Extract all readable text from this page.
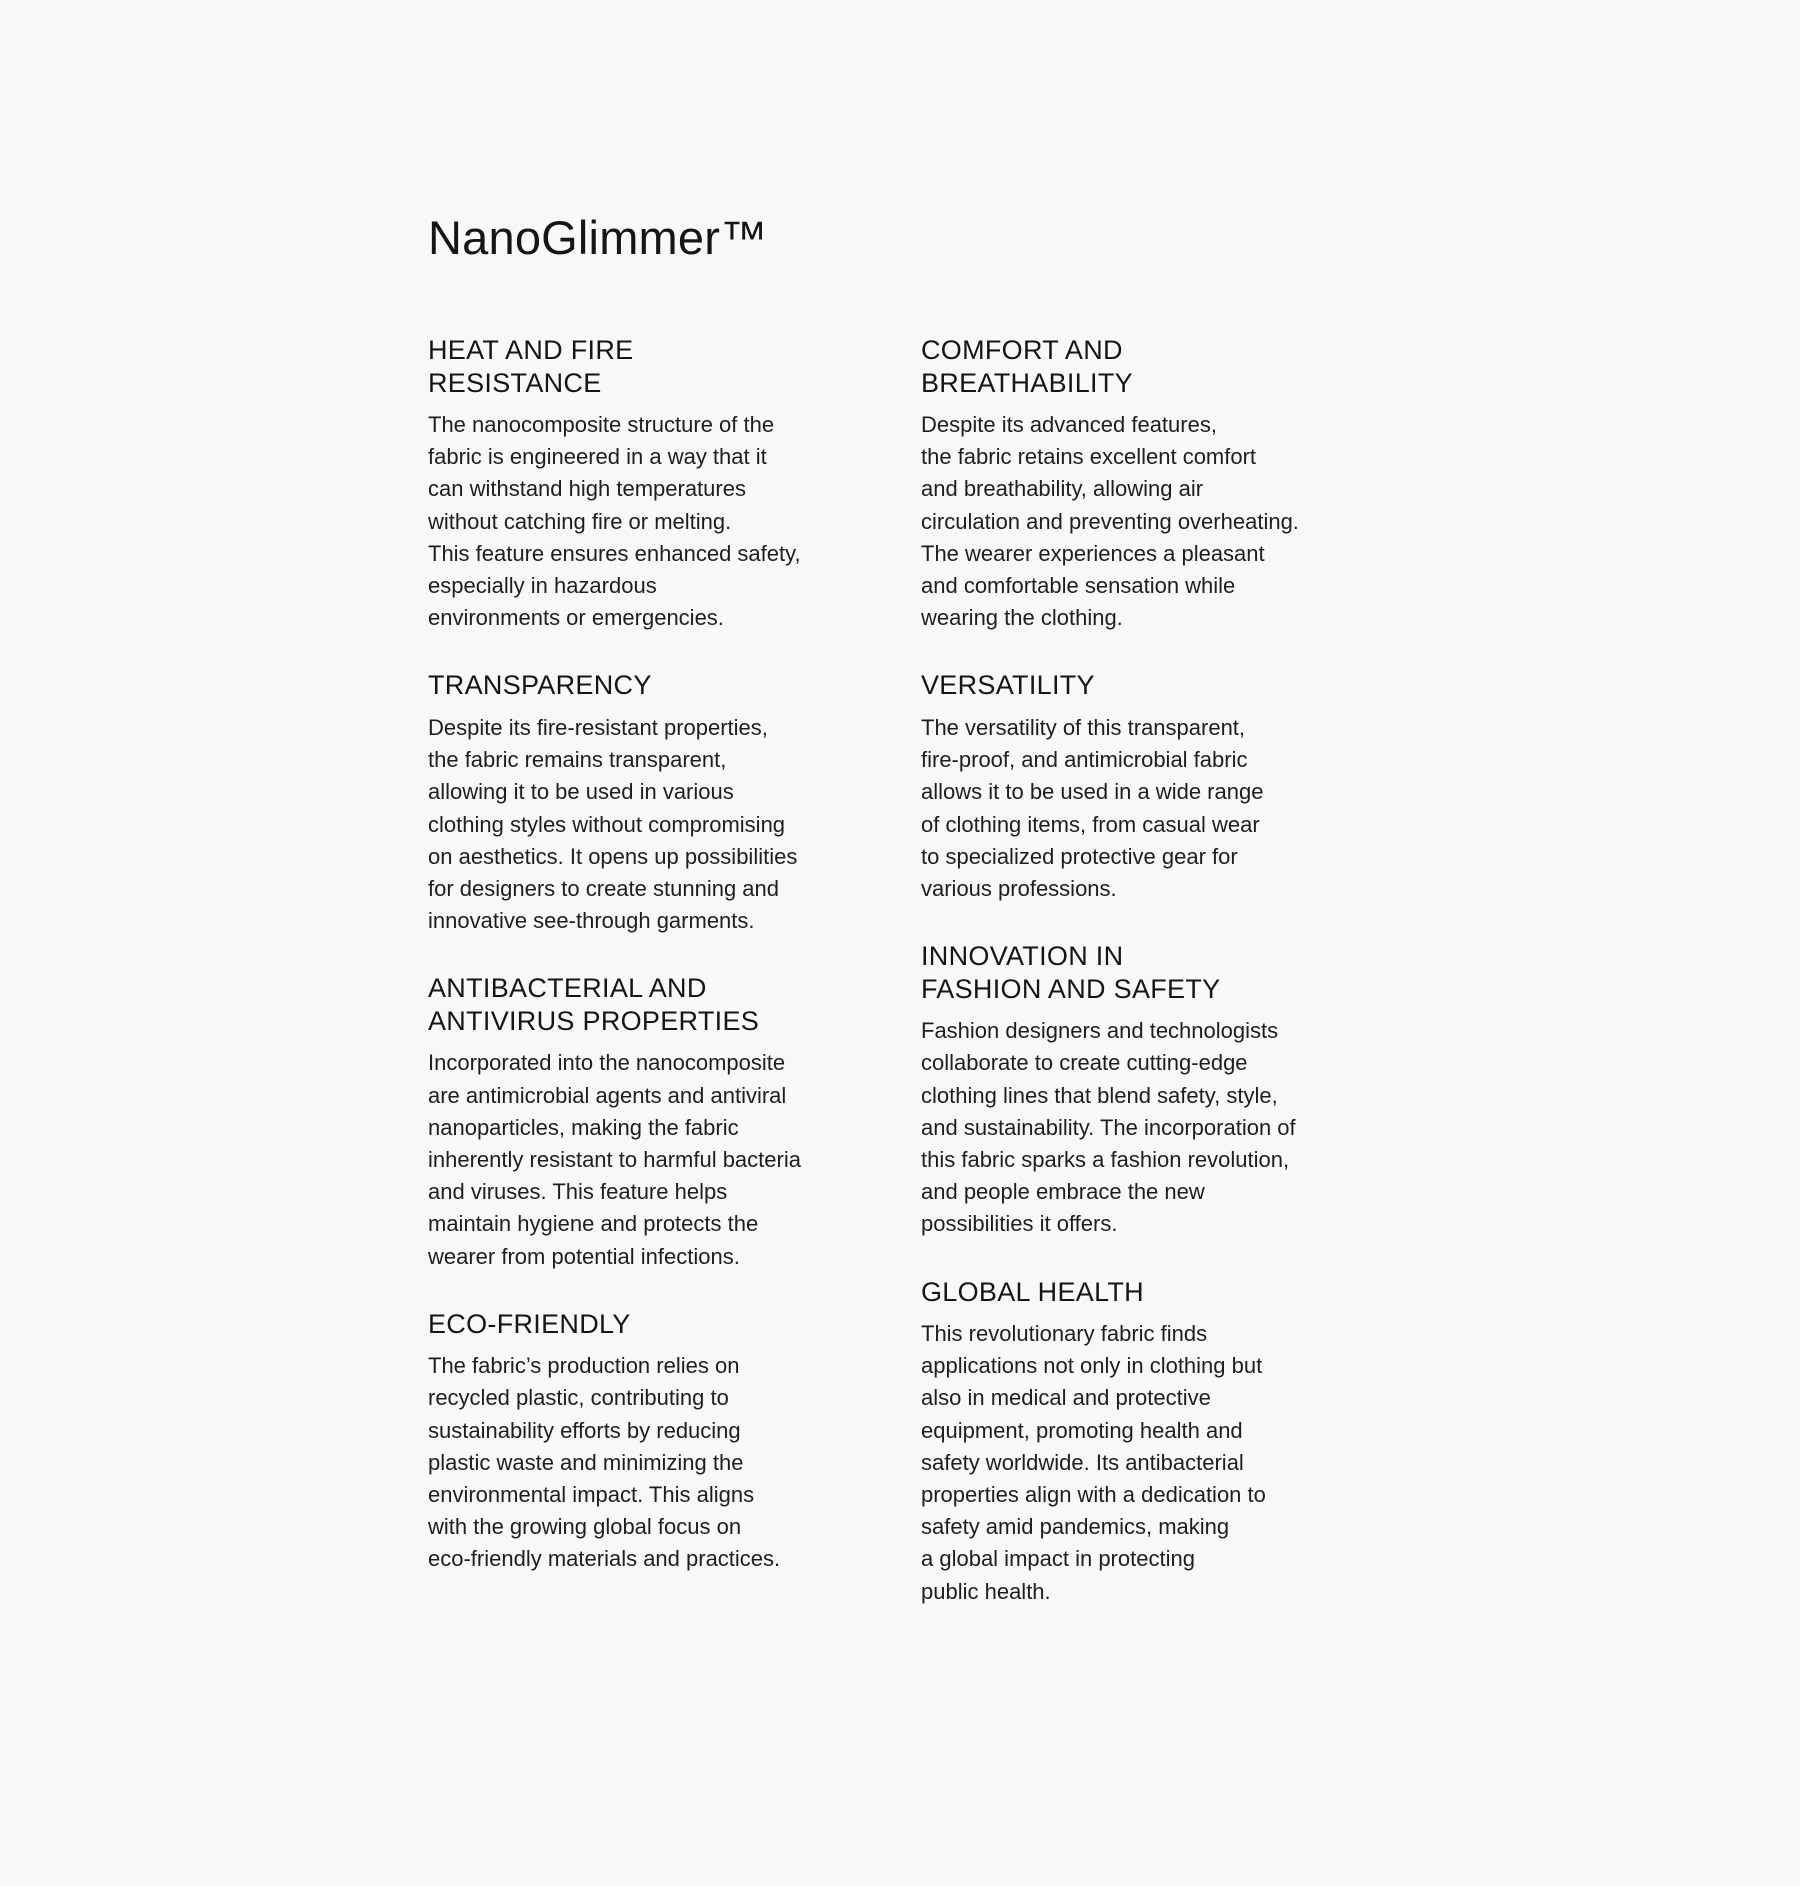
NanoGlimmer™
HEAT AND FIRE
RESISTANCE

The nanocomposite structure of the
fabric is engineered in a way that it
can withstand high temperatures
without catching fire or melting.
This feature ensures enhanced safety,
especially in hazardous
environments or emergencies.

TRANSPARENCY

Despite its fire-resistant properties,
the fabric remains transparent,
allowing it to be used in various
clothing styles without compromising
on aesthetics. It opens up possibilities
for designers to create stunning and
innovative see-through garments.

ANTIBACTERIAL AND
ANTIVIRUS PROPERTIES

Incorporated into the nanocomposite
are antimicrobial agents and antiviral
nanoparticles, making the fabric
inherently resistant to harmful bacteria
and viruses. This feature helps
maintain hygiene and protects the
wearer from potential infections.

ECO-FRIENDLY

The fabric’s production relies on
recycled plastic, contributing to
sustainability efforts by reducing
plastic waste and minimizing the
environmental impact. This aligns
with the growing global focus on
eco-friendly materials and practices.

COMFORT AND
BREATHABILITY

Despite its advanced features,
the fabric retains excellent comfort
and breathability, allowing air
circulation and preventing overheating.
The wearer experiences a pleasant
and comfortable sensation while
wearing the clothing.

VERSATILITY

The versatility of this transparent,
fire-proof, and antimicrobial fabric
allows it to be used in a wide range
of clothing items, from casual wear
to specialized protective gear for
various professions.

INNOVATION IN
FASHION AND SAFETY

Fashion designers and technologists
collaborate to create cutting-edge
clothing lines that blend safety, style,
and sustainability. The incorporation of
this fabric sparks a fashion revolution,
and people embrace the new
possibilities it offers.

GLOBAL HEALTH

This revolutionary fabric finds
applications not only in clothing but
also in medical and protective
equipment, promoting health and
safety worldwide. Its antibacterial
properties align with a dedication to
safety amid pandemics, making
a global impact in protecting
public health.
